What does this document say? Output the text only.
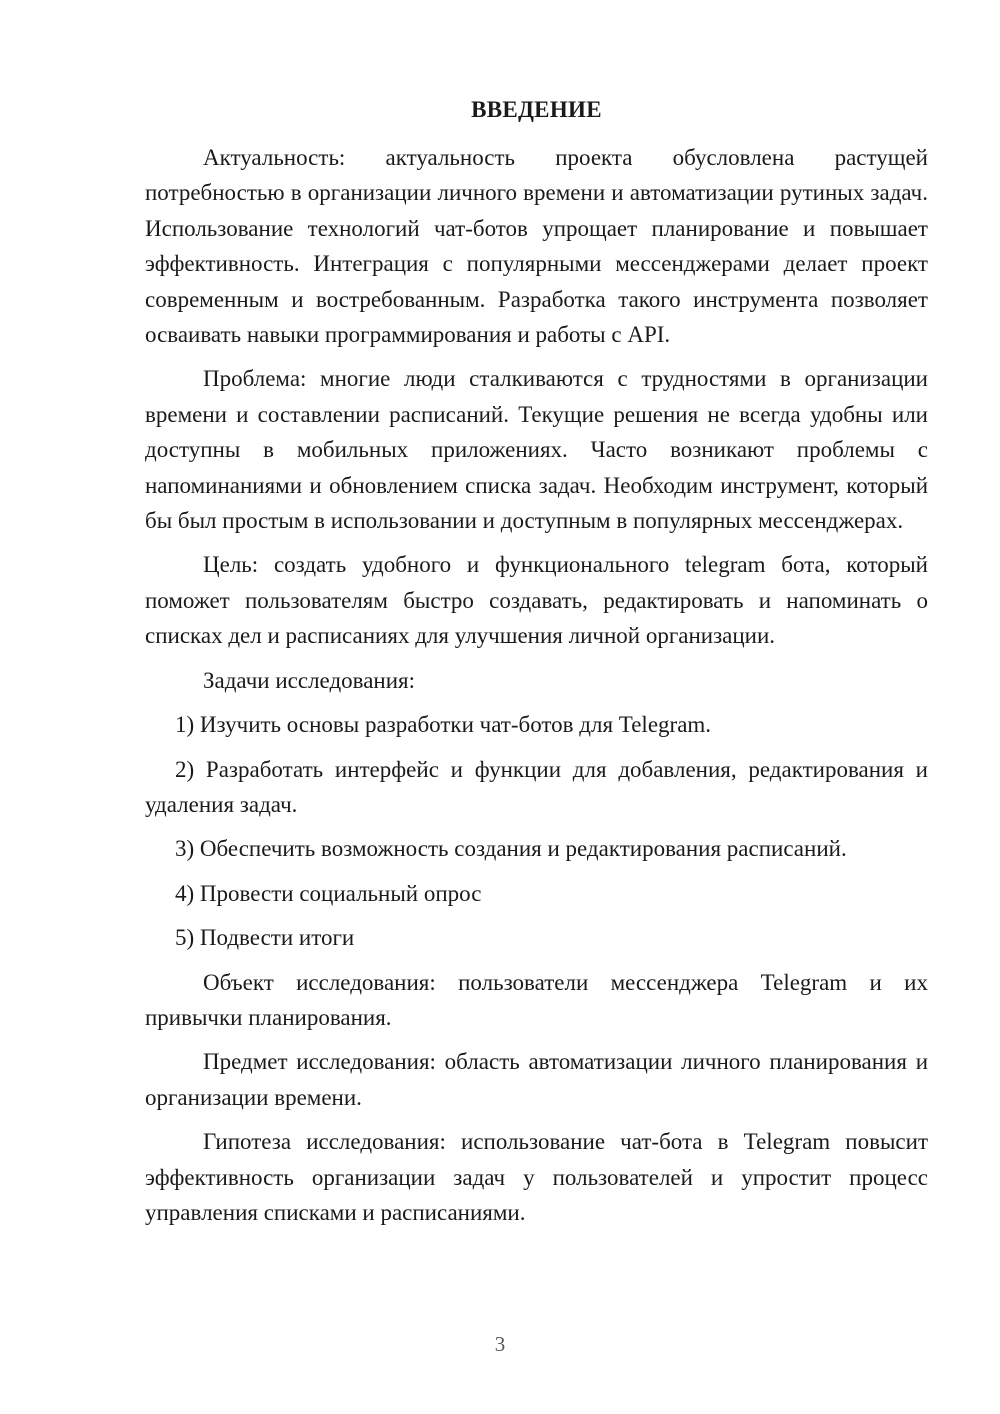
ВВЕДЕНИЕ

Актуальность: актуальность проекта обусловлена растущей потребностью в организации личного времени и автоматизации рутиных задач. Использование технологий чат-ботов упрощает планирование и повышает эффективность. Интеграция с популярными мессенджерами делает проект современным и востребованным. Разработка такого инструмента позволяет осваивать навыки программирования и работы с API.

Проблема: многие люди сталкиваются с трудностями в организации времени и составлении расписаний. Текущие решения не всегда удобны или доступны в мобильных приложениях. Часто возникают проблемы с напоминаниями и обновлением списка задач. Необходим инструмент, который бы был простым в использовании и доступным в популярных мессенджерах.

Цель: создать удобного и функционального telegram бота, который поможет пользователям быстро создавать, редактировать и напоминать о списках дел и расписаниях для улучшения личной организации.

Задачи исследования:

1) Изучить основы разработки чат-ботов для Telegram.

2) Разработать интерфейс и функции для добавления, редактирования и удаления задач.

3) Обеспечить возможность создания и редактирования расписаний.

4) Провести социальный опрос

5) Подвести итоги

Объект исследования: пользователи мессенджера Telegram и их привычки планирования.

Предмет исследования: область автоматизации личного планирования и организации времени.

Гипотеза исследования: использование чат-бота в Telegram повысит эффективность организации задач у пользователей и упростит процесс управления списками и расписаниями.

3
